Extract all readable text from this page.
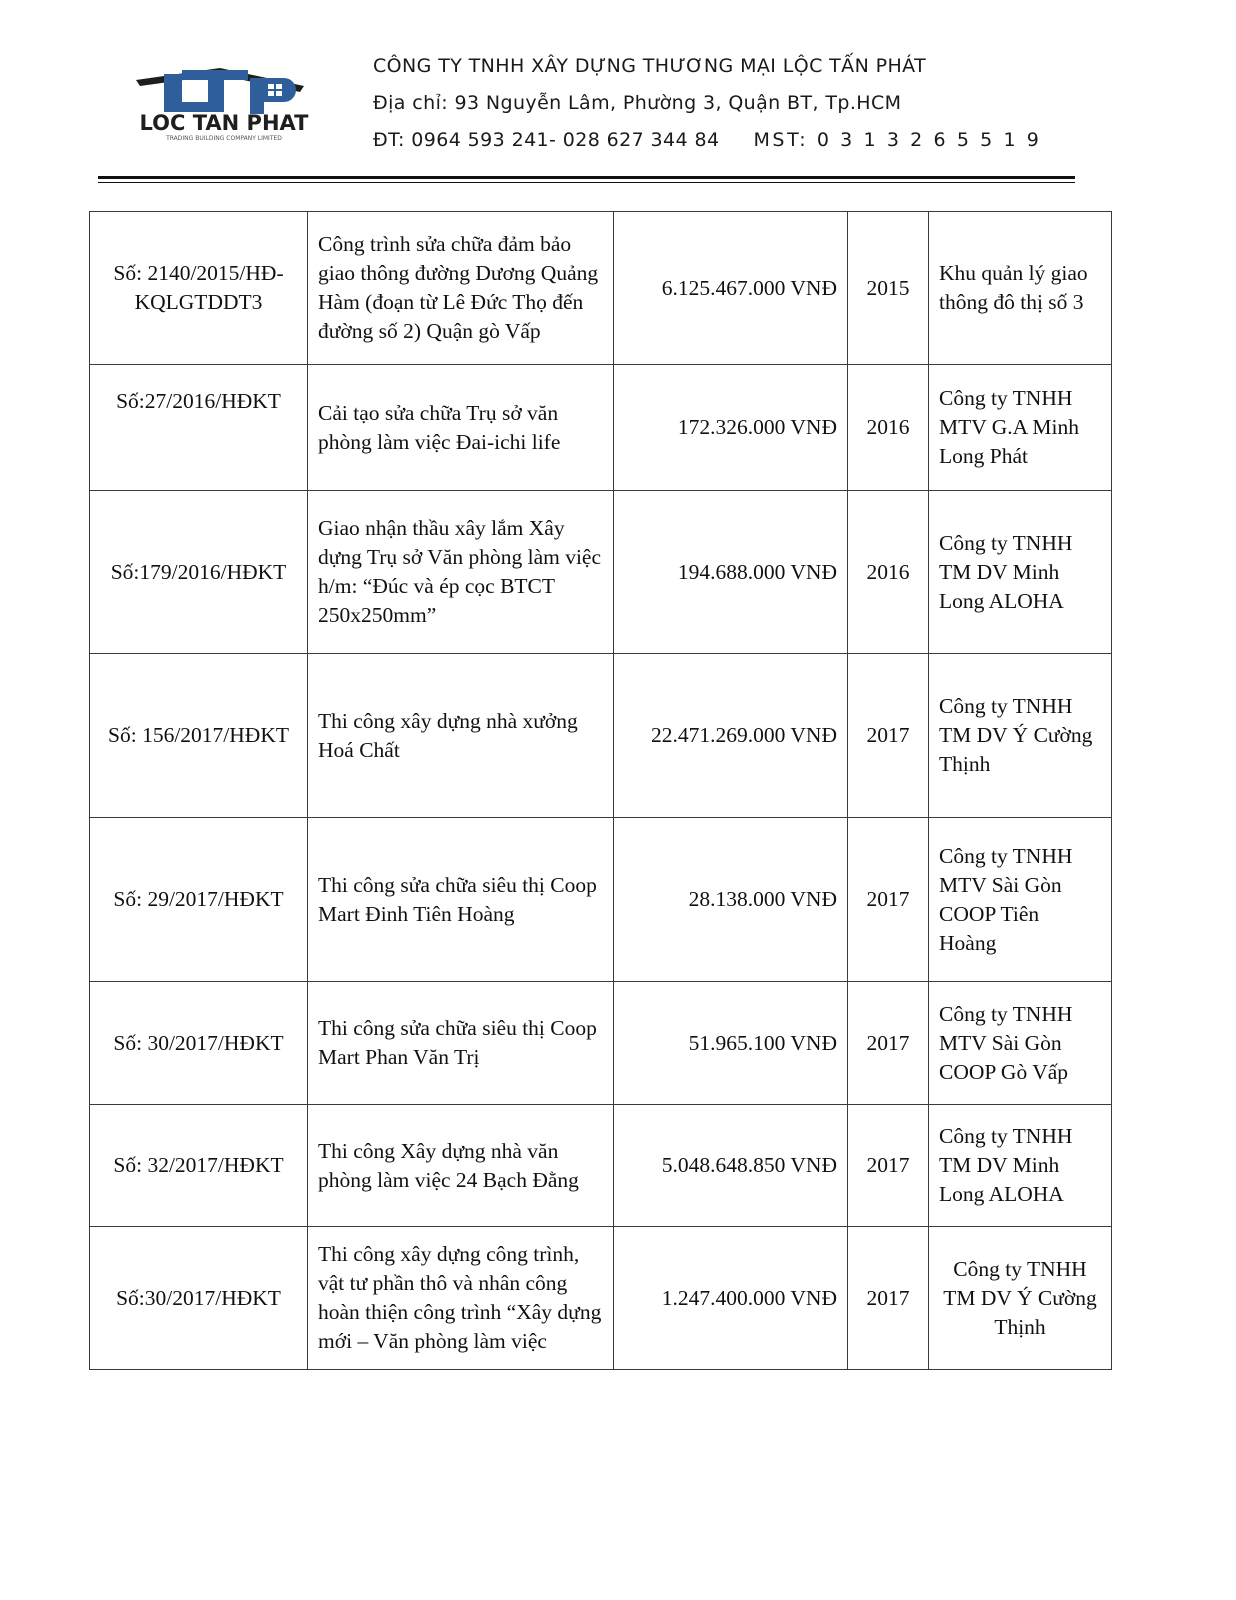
LOC TAN PHAT
TRADING BUILDING COMPANY LIMITED
CÔNG TY TNHH XÂY DỰNG THƯƠNG MẠI LỘC TẤN PHÁT
Địa chỉ: 93 Nguyễn Lâm, Phường 3, Quận BT, Tp.HCM
ĐT: 0964 593 241- 028 627 344 84 MST: 0 3 1 3 2 6 5 5 1 9
Số: 2140/2015/HĐ-KQLGTDDT3	Công trình sửa chữa đảm bảo giao thông đường Dương Quảng Hàm (đoạn từ Lê Đức Thọ đến đường số 2) Quận gò Vấp	6.125.467.000 VNĐ	2015	Khu quản lý giao thông đô thị số 3
Số:27/2016/HĐKT	Cải tạo sửa chữa Trụ sở văn phòng làm việc Đai-ichi life	172.326.000 VNĐ	2016	Công ty TNHH MTV G.A Minh Long Phát
Số:179/2016/HĐKT	Giao nhận thầu xây lắm Xây dựng Trụ sở Văn phòng làm việc h/m: “Đúc và ép cọc BTCT 250x250mm”	194.688.000 VNĐ	2016	Công ty TNHH TM DV Minh Long ALOHA
Số: 156/2017/HĐKT	Thi công xây dựng nhà xưởng Hoá Chất	22.471.269.000 VNĐ	2017	Công ty TNHH TM DV Ý Cường Thịnh
Số: 29/2017/HĐKT	Thi công sửa chữa siêu thị Coop Mart Đinh Tiên Hoàng	28.138.000 VNĐ	2017	Công ty TNHH MTV Sài Gòn COOP Tiên Hoàng
Số: 30/2017/HĐKT	Thi công sửa chữa siêu thị Coop Mart Phan Văn Trị	51.965.100 VNĐ	2017	Công ty TNHH MTV Sài Gòn COOP Gò Vấp
Số: 32/2017/HĐKT	Thi công Xây dựng nhà văn phòng làm việc 24 Bạch Đằng	5.048.648.850 VNĐ	2017	Công ty TNHH TM DV Minh Long ALOHA
Số:30/2017/HĐKT	Thi công xây dựng công trình, vật tư phần thô và nhân công hoàn thiện công trình “Xây dựng mới – Văn phòng làm việc	1.247.400.000 VNĐ	2017	Công ty TNHH TM DV Ý Cường Thịnh
